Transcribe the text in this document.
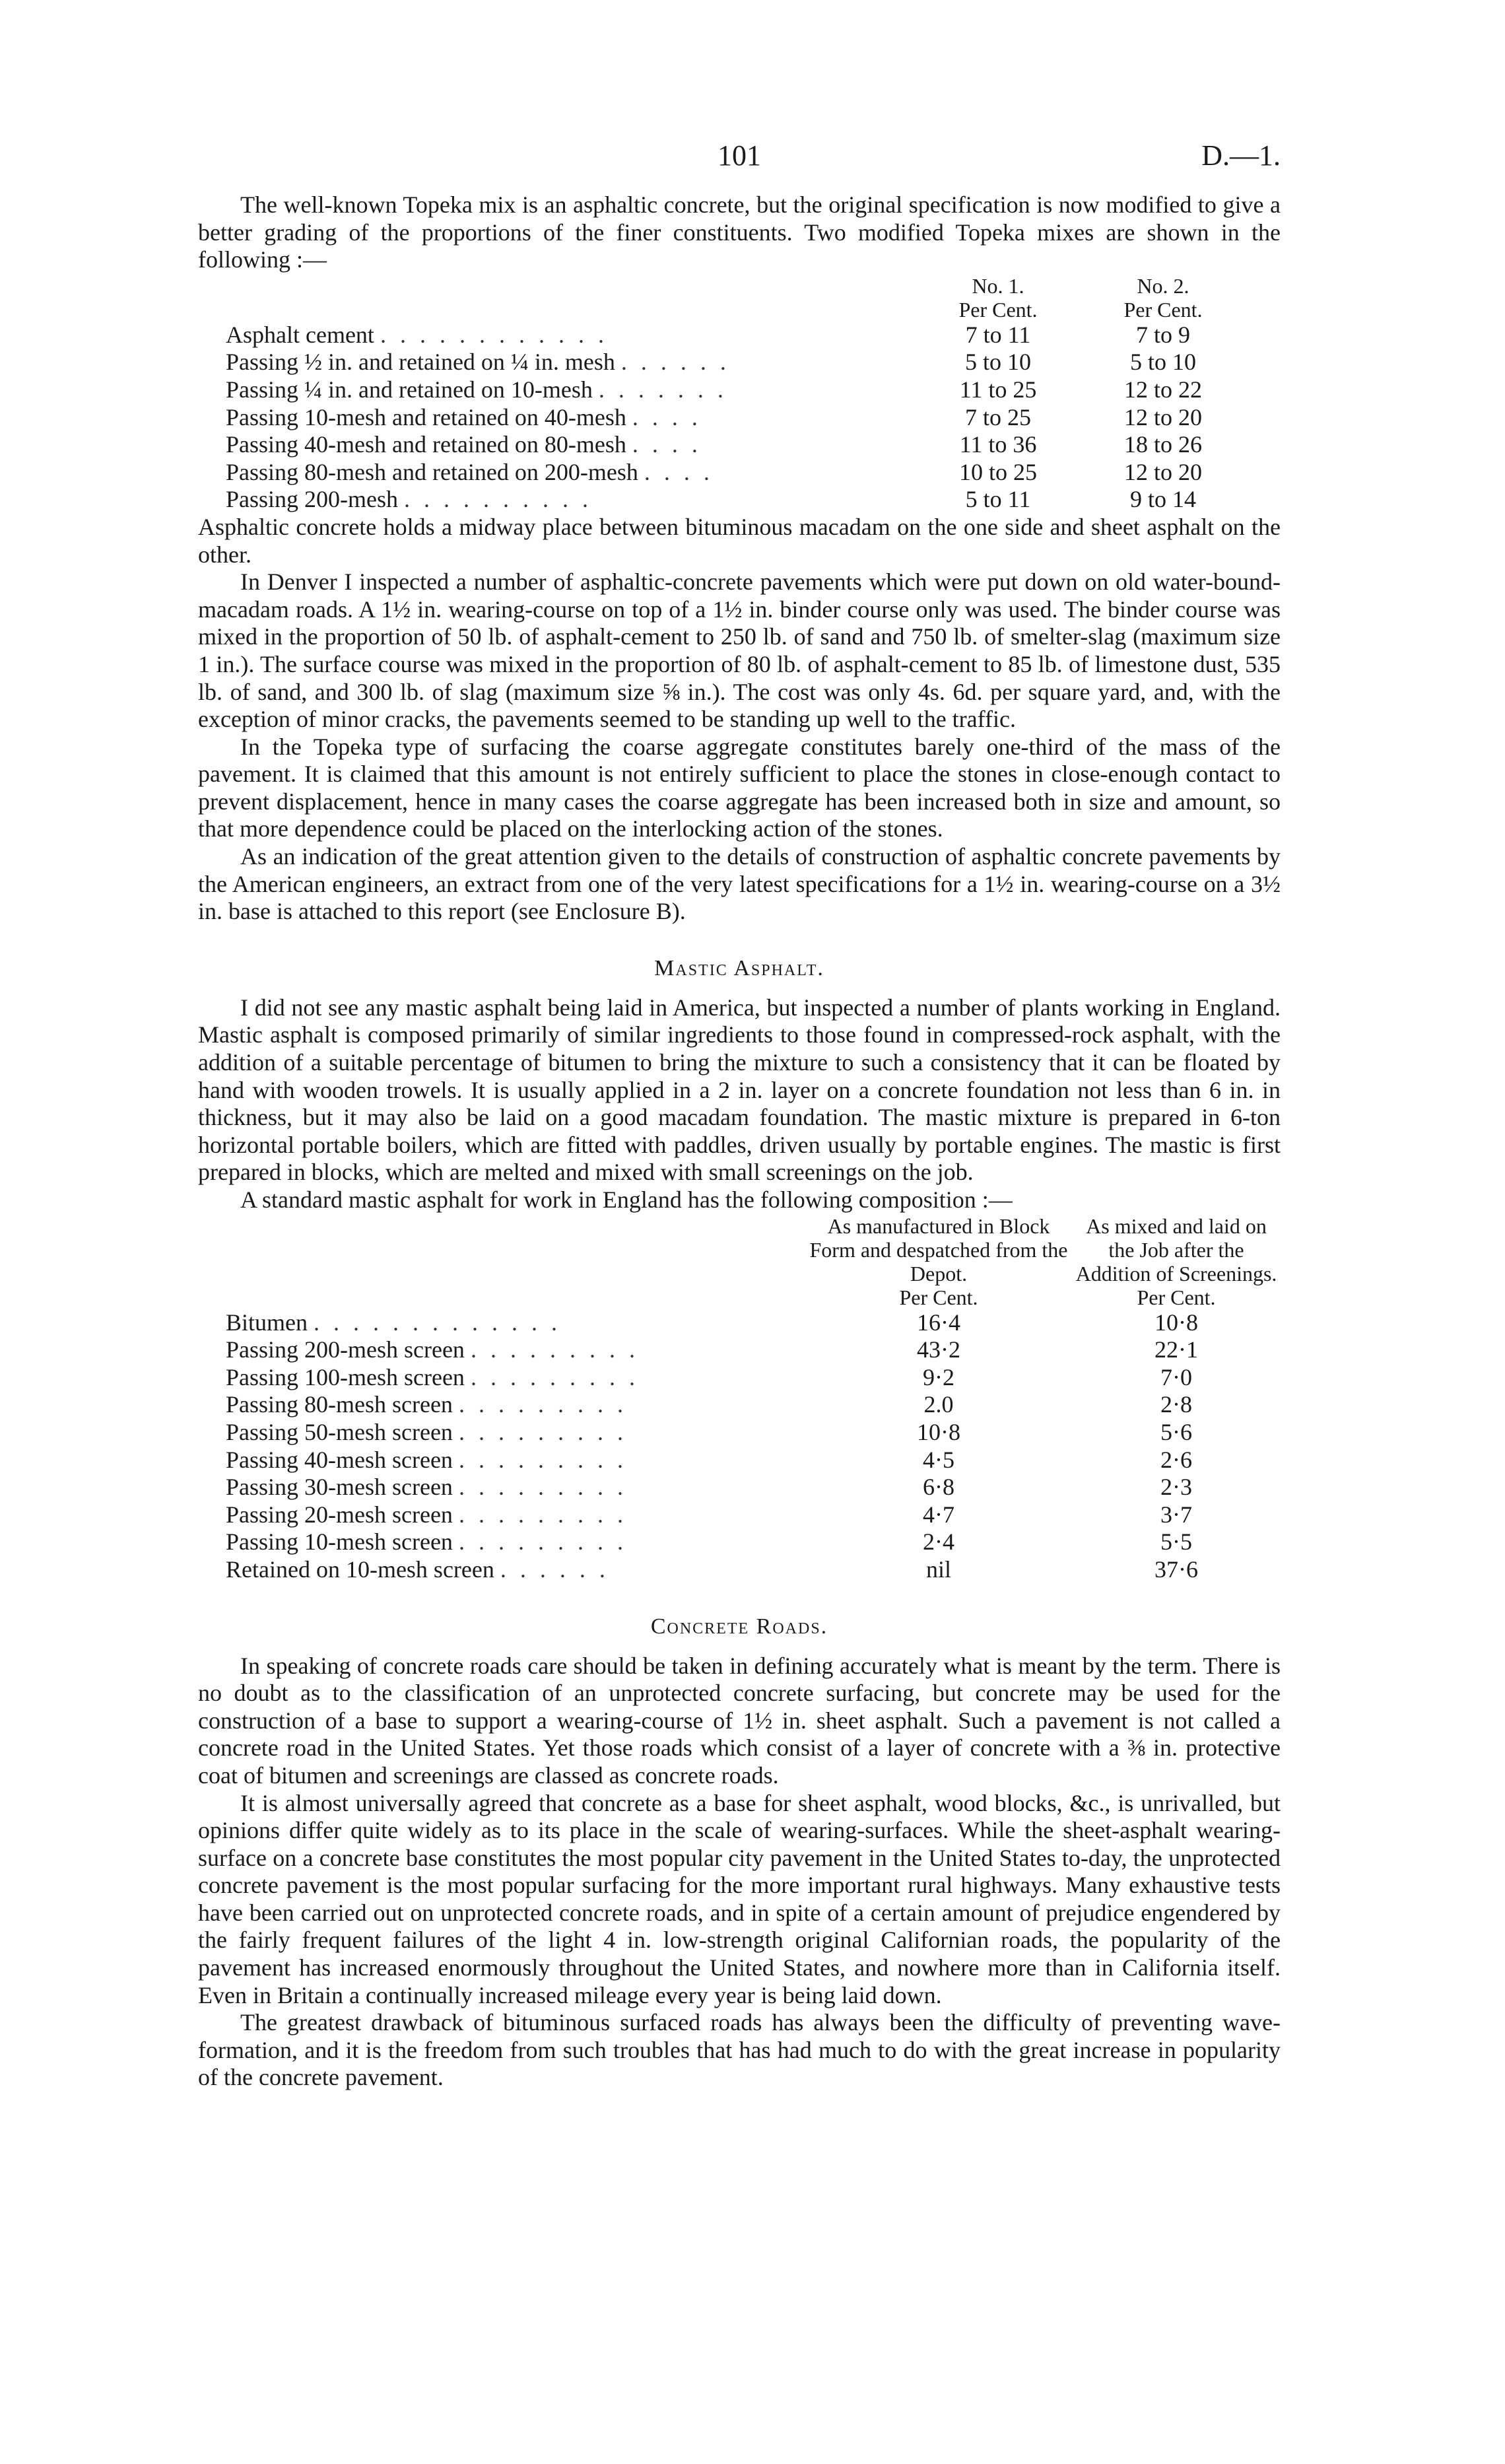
101	D.—1.

The well-known Topeka mix is an asphaltic concrete, but the original specification is now modified to give a better grading of the proportions of the finer constituents. Two modified Topeka mixes are shown in the following :—

	No. 1.	No. 2.
	Per Cent.	Per Cent.
Asphalt cement . . . . . . . . . . . .	7 to 11	7 to 9
Passing ½ in. and retained on ¼ in. mesh . . . . . .	5 to 10	5 to 10
Passing ¼ in. and retained on 10-mesh . . . . . . .	11 to 25	12 to 22
Passing 10-mesh and retained on 40-mesh . . . .	7 to 25	12 to 20
Passing 40-mesh and retained on 80-mesh . . . .	11 to 36	18 to 26
Passing 80-mesh and retained on 200-mesh . . . .	10 to 25	12 to 20
Passing 200-mesh . . . . . . . . . .	5 to 11	9 to 14

Asphaltic concrete holds a midway place between bituminous macadam on the one side and sheet asphalt on the other.

In Denver I inspected a number of asphaltic-concrete pavements which were put down on old water-bound-macadam roads. A 1½ in. wearing-course on top of a 1½ in. binder course only was used. The binder course was mixed in the proportion of 50 lb. of asphalt-cement to 250 lb. of sand and 750 lb. of smelter-slag (maximum size 1 in.). The surface course was mixed in the proportion of 80 lb. of asphalt-cement to 85 lb. of limestone dust, 535 lb. of sand, and 300 lb. of slag (maximum size ⅝ in.). The cost was only 4s. 6d. per square yard, and, with the exception of minor cracks, the pavements seemed to be standing up well to the traffic.

In the Topeka type of surfacing the coarse aggregate constitutes barely one-third of the mass of the pavement. It is claimed that this amount is not entirely sufficient to place the stones in close-enough contact to prevent displacement, hence in many cases the coarse aggregate has been increased both in size and amount, so that more dependence could be placed on the interlocking action of the stones.

As an indication of the great attention given to the details of construction of asphaltic concrete pavements by the American engineers, an extract from one of the very latest specifications for a 1½ in. wearing-course on a 3½ in. base is attached to this report (see Enclosure B).

Mastic Asphalt.

I did not see any mastic asphalt being laid in America, but inspected a number of plants working in England. Mastic asphalt is composed primarily of similar ingredients to those found in compressed-rock asphalt, with the addition of a suitable percentage of bitumen to bring the mixture to such a consistency that it can be floated by hand with wooden trowels. It is usually applied in a 2 in. layer on a concrete foundation not less than 6 in. in thickness, but it may also be laid on a good macadam foundation. The mastic mixture is prepared in 6-ton horizontal portable boilers, which are fitted with paddles, driven usually by portable engines. The mastic is first prepared in blocks, which are melted and mixed with small screenings on the job.

A standard mastic asphalt for work in England has the following composition :—

	As manufactured in Block Form and despatched from the Depot.	As mixed and laid on the Job after the Addition of Screenings.
	Per Cent.	Per Cent.
Bitumen . . . . . . . . . . . . .	16·4	10·8
Passing 200-mesh screen . . . . . . . . .	43·2	22·1
Passing 100-mesh screen . . . . . . . . .	9·2	7·0
Passing 80-mesh screen . . . . . . . . .	2.0	2·8
Passing 50-mesh screen . . . . . . . . .	10·8	5·6
Passing 40-mesh screen . . . . . . . . .	4·5	2·6
Passing 30-mesh screen . . . . . . . . .	6·8	2·3
Passing 20-mesh screen . . . . . . . . .	4·7	3·7
Passing 10-mesh screen . . . . . . . . .	2·4	5·5
Retained on 10-mesh screen . . . . . .	nil	37·6
Concrete Roads.

In speaking of concrete roads care should be taken in defining accurately what is meant by the term. There is no doubt as to the classification of an unprotected concrete surfacing, but concrete may be used for the construction of a base to support a wearing-course of 1½ in. sheet asphalt. Such a pavement is not called a concrete road in the United States. Yet those roads which consist of a layer of concrete with a ⅜ in. protective coat of bitumen and screenings are classed as concrete roads.

It is almost universally agreed that concrete as a base for sheet asphalt, wood blocks, &c., is unrivalled, but opinions differ quite widely as to its place in the scale of wearing-surfaces. While the sheet-asphalt wearing-surface on a concrete base constitutes the most popular city pavement in the United States to-day, the unprotected concrete pavement is the most popular surfacing for the more important rural highways. Many exhaustive tests have been carried out on unprotected concrete roads, and in spite of a certain amount of prejudice engendered by the fairly frequent failures of the light 4 in. low-strength original Californian roads, the popularity of the pavement has increased enormously throughout the United States, and nowhere more than in California itself. Even in Britain a continually increased mileage every year is being laid down.

The greatest drawback of bituminous surfaced roads has always been the difficulty of preventing wave-formation, and it is the freedom from such troubles that has had much to do with the great increase in popularity of the concrete pavement.
